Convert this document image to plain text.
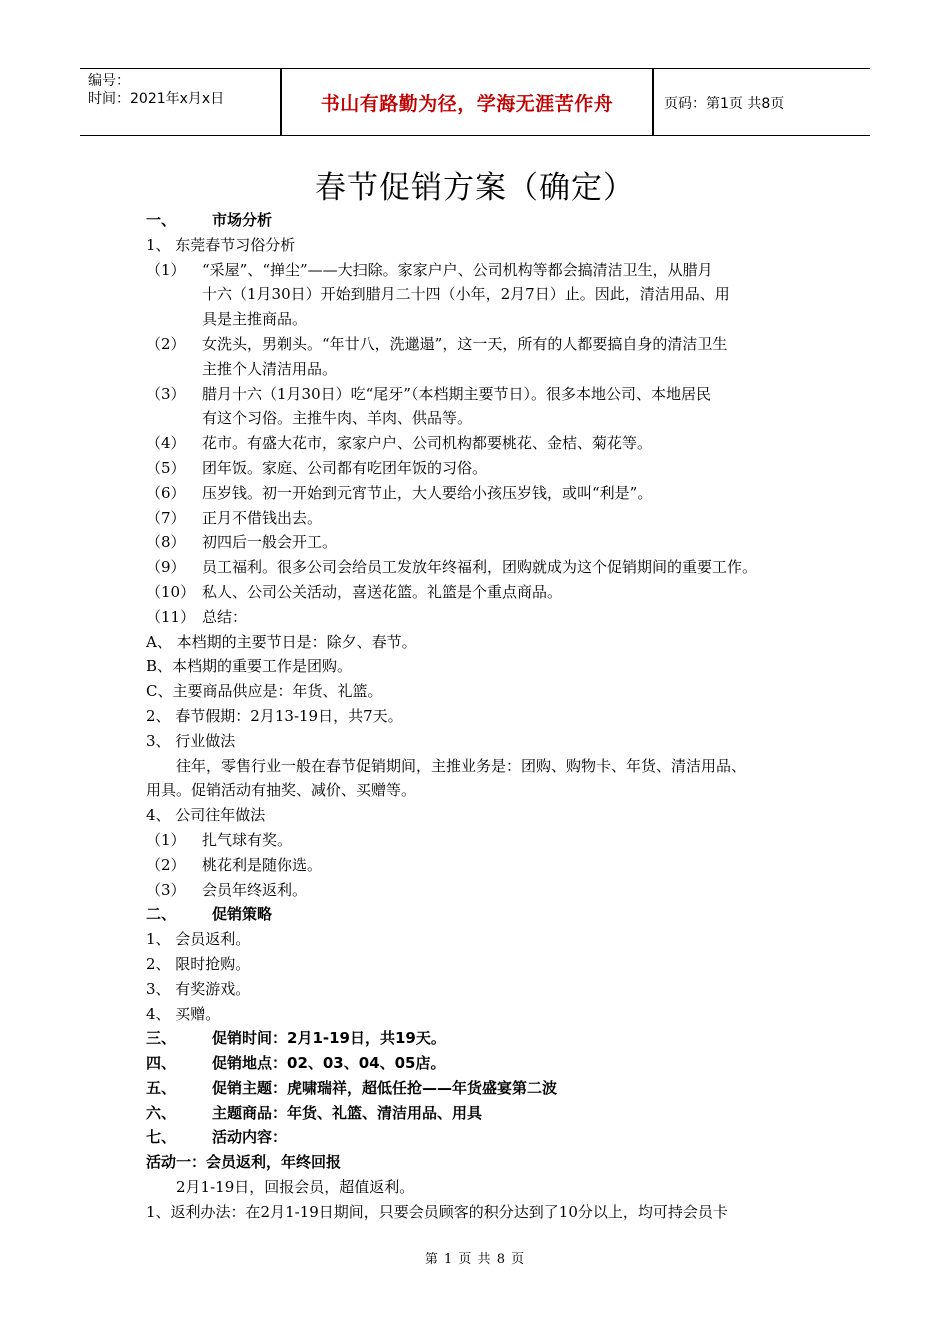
编号：
时间：2021年x月x日	书山有路勤为径，学海无涯苦作舟	页码：第1页 共8页
春节促销方案（确定）
一、 市场分析
1、 东莞春节习俗分析
（1） “采屋”、“掸尘”——大扫除。家家户户、公司机构等都会搞清洁卫生，从腊月
十六（1月30日）开始到腊月二十四（小年，2月7日）止。因此，清洁用品、用
具是主推商品。
（2） 女洗头，男剃头。“年廿八，洗邋遢”，这一天，所有的人都要搞自身的清洁卫生
主推个人清洁用品。
（3） 腊月十六（1月30日）吃“尾牙”（本档期主要节日）。很多本地公司、本地居民
有这个习俗。主推牛肉、羊肉、供品等。
（4） 花市。有盛大花市，家家户户、公司机构都要桃花、金桔、菊花等。
（5） 团年饭。家庭、公司都有吃团年饭的习俗。
（6） 压岁钱。初一开始到元宵节止，大人要给小孩压岁钱，或叫“利是”。
（7） 正月不借钱出去。
（8） 初四后一般会开工。
（9） 员工福利。很多公司会给员工发放年终福利，团购就成为这个促销期间的重要工作。
（10） 私人、公司公关活动，喜送花篮。礼篮是个重点商品。
（11） 总结：
A、 本档期的主要节日是：除夕、春节。
B、本档期的重要工作是团购。
C、主要商品供应是：年货、礼篮。
2、 春节假期：2月13-19日，共7天。
3、 行业做法
往年，零售行业一般在春节促销期间，主推业务是：团购、购物卡、年货、清洁用品、
用具。促销活动有抽奖、减价、买赠等。
4、 公司往年做法
（1） 扎气球有奖。
（2） 桃花利是随你选。
（3） 会员年终返利。
二、 促销策略
1、 会员返利。
2、 限时抢购。
3、 有奖游戏。
4、 买赠。
三、 促销时间：2月1-19日，共19天。
四、 促销地点：02、03、04、05店。
五、 促销主题：虎啸瑞祥，超低任抢——年货盛宴第二波
六、 主题商品：年货、礼篮、清洁用品、用具
七、 活动内容：
活动一：会员返利，年终回报
2月1-19日，回报会员，超值返利。
1、返利办法：在2月1-19日期间，只要会员顾客的积分达到了10分以上，均可持会员卡
第 1 页 共 8 页
